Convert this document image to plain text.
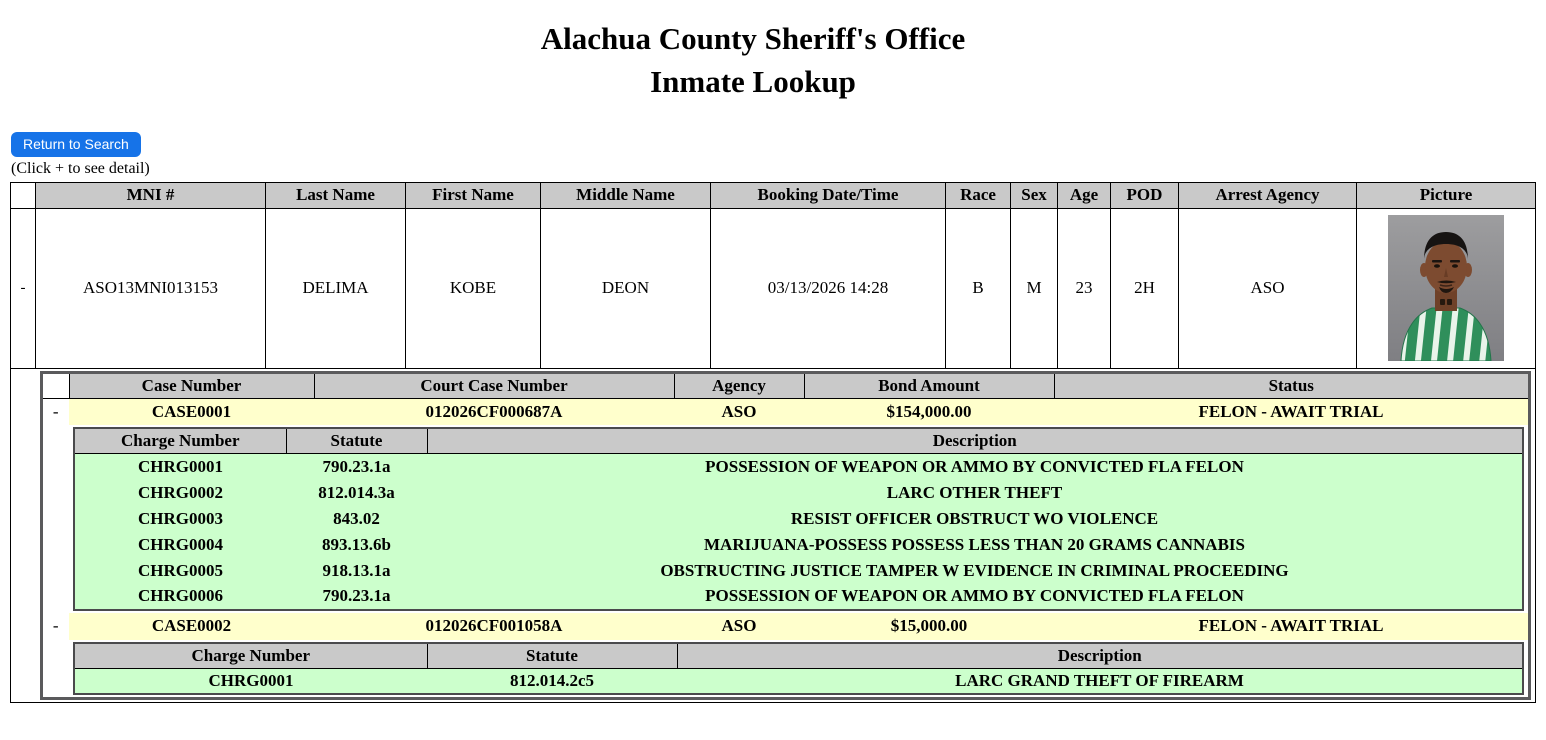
Alachua County Sheriff's Office
Inmate Lookup
Return to Search
(Click + to see detail)
	MNI #	Last Name	First Name	Middle Name	Booking Date/Time	Race	Sex	Age	POD	Arrest Agency	Picture
-	ASO13MNI013153	DELIMA	KOBE	DEON	03/13/2026 14:28	B	M	23	2H	ASO	

	Case Number	Court Case Number	Agency	Bond Amount	Status
-	CASE0001	012026CF000687A	ASO	$154,000.00	FELON - AWAIT TRIAL

Charge Number	Statute	Description
CHRG0001	790.23.1a	POSSESSION OF WEAPON OR AMMO BY CONVICTED FLA FELON
CHRG0002	812.014.3a	LARC OTHER THEFT
CHRG0003	843.02	RESIST OFFICER OBSTRUCT WO VIOLENCE
CHRG0004	893.13.6b	MARIJUANA-POSSESS POSSESS LESS THAN 20 GRAMS CANNABIS
CHRG0005	918.13.1a	OBSTRUCTING JUSTICE TAMPER W EVIDENCE IN CRIMINAL PROCEEDING
CHRG0006	790.23.1a	POSSESSION OF WEAPON OR AMMO BY CONVICTED FLA FELON

-	CASE0002	012026CF001058A	ASO	$15,000.00	FELON - AWAIT TRIAL

Charge Number	Statute	Description
CHRG0001	812.014.2c5	LARC GRAND THEFT OF FIREARM
